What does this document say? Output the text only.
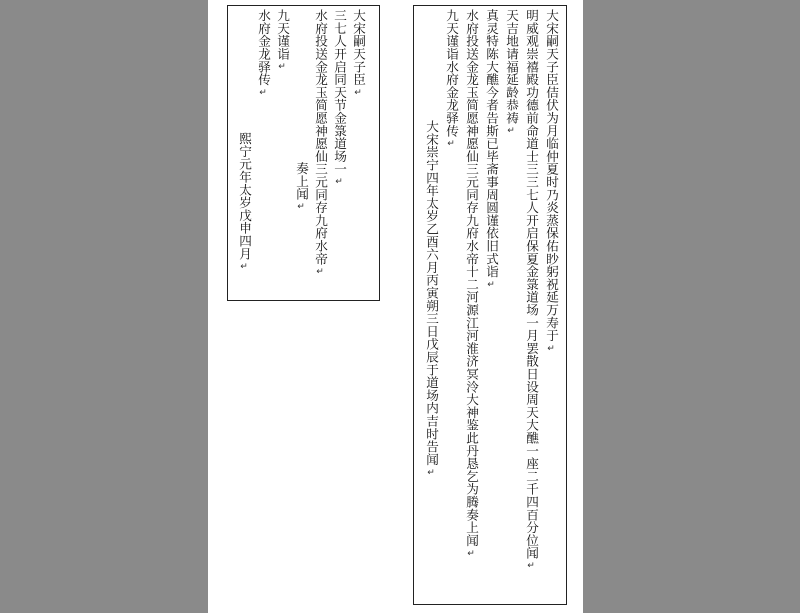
大宋嗣天子臣↵
三七人开启同天节金箓道场一↵
水府投送金龙玉简愿神愿仙三元同存九府水帝↵
奏上闻↵
九天谨诣↵
水府金龙驿传↵
熙宁元年太岁戊申四月↵	大宋嗣天子臣佶伏为月临仲夏时乃炎蒸保佑眇躬祝延万寿于↵
明威观崇禧殿功德前命道士三三七人开启保夏金箓道场一月罢散日设周天大醮一座二千四百分位闻↵
天吉地请福延龄恭祷↵
真灵特陈大醮今者告斯已毕斋事周圆谨依旧式诣↵
水府投送金龙玉简愿神愿仙三元同存九府水帝十二河源江河淮济冥泠大神鉴此丹恳乞为腾奏上闻↵
九天谨诣水府金龙驿传↵
大宋崇宁四年太岁乙酉六月丙寅朔三日戊辰于道场内吉时告闻↵
